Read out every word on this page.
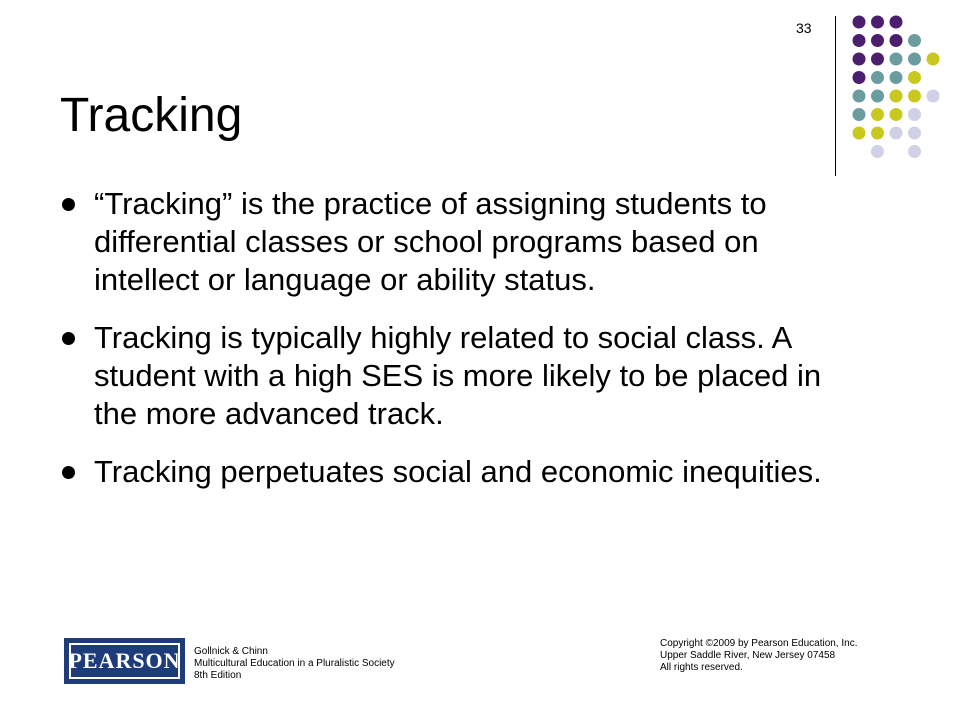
33
Tracking
“Tracking” is the practice of assigning students to differential classes or school programs based on intellect or language or ability status.
Tracking is typically highly related to social class. A student with a high SES is more likely to be placed in the more advanced track.
Tracking perpetuates social and economic inequities.
PEARSON Gollnick & Chinn
Multicultural Education in a Pluralistic Society
8th Edition
Copyright ©2009 by Pearson Education, Inc.
Upper Saddle River, New Jersey 07458
All rights reserved.
